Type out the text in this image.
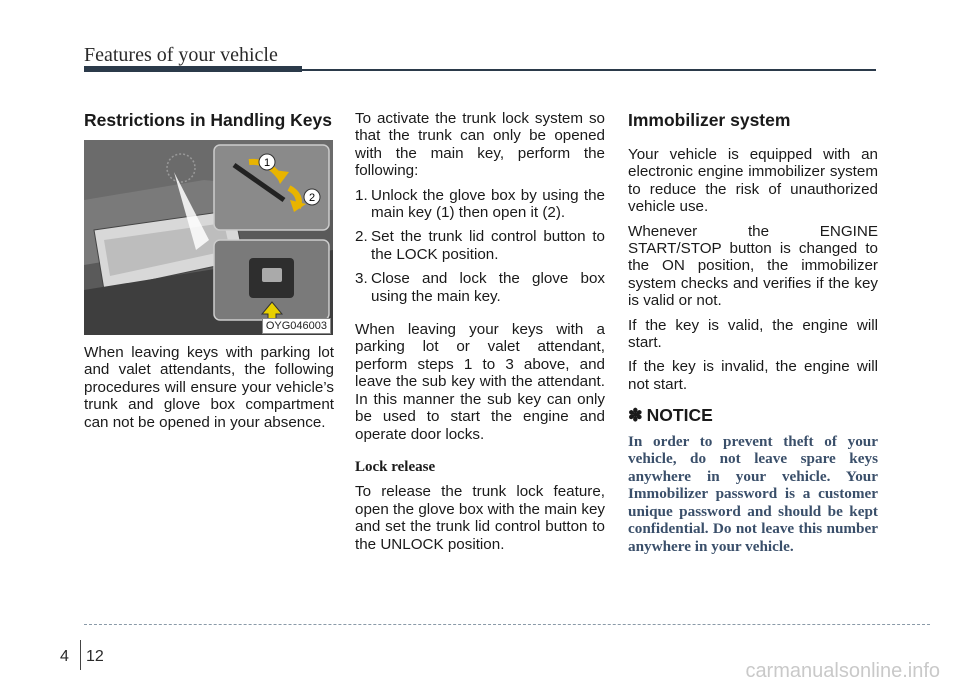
Features of your vehicle
Restrictions in Handling Keys
1
2
OYG046003

When leaving keys with parking lot and valet attendants, the following procedures will ensure your vehicle’s trunk and glove box compartment can not be opened in your absence.

To activate the trunk lock system so that the trunk can only be opened with the main key, perform the following:

1. Unlock the glove box by using the main key (1) then open it (2).
2. Set the trunk lid control button to the LOCK position.
3. Close and lock the glove box using the main key.

When leaving your keys with a parking lot or valet attendant, perform steps 1 to 3 above, and leave the sub key with the attendant. In this manner the sub key can only be used to start the engine and operate door locks.

Lock release

To release the trunk lock feature, open the glove box with the main key and set the trunk lid control button to the UNLOCK position.

Immobilizer system

Your vehicle is equipped with an electronic engine immobilizer system to reduce the risk of unauthorized vehicle use.

Whenever the ENGINE START/STOP button is changed to the ON position, the immobilizer system checks and verifies if the key is valid or not.

If the key is valid, the engine will start.

If the key is invalid, the engine will not start.

✽ NOTICE
In order to prevent theft of your vehicle, do not leave spare keys anywhere in your vehicle. Your Immobilizer password is a customer unique password and should be kept confidential. Do not leave this number anywhere in your vehicle.
4 12
carmanualsonline.info
